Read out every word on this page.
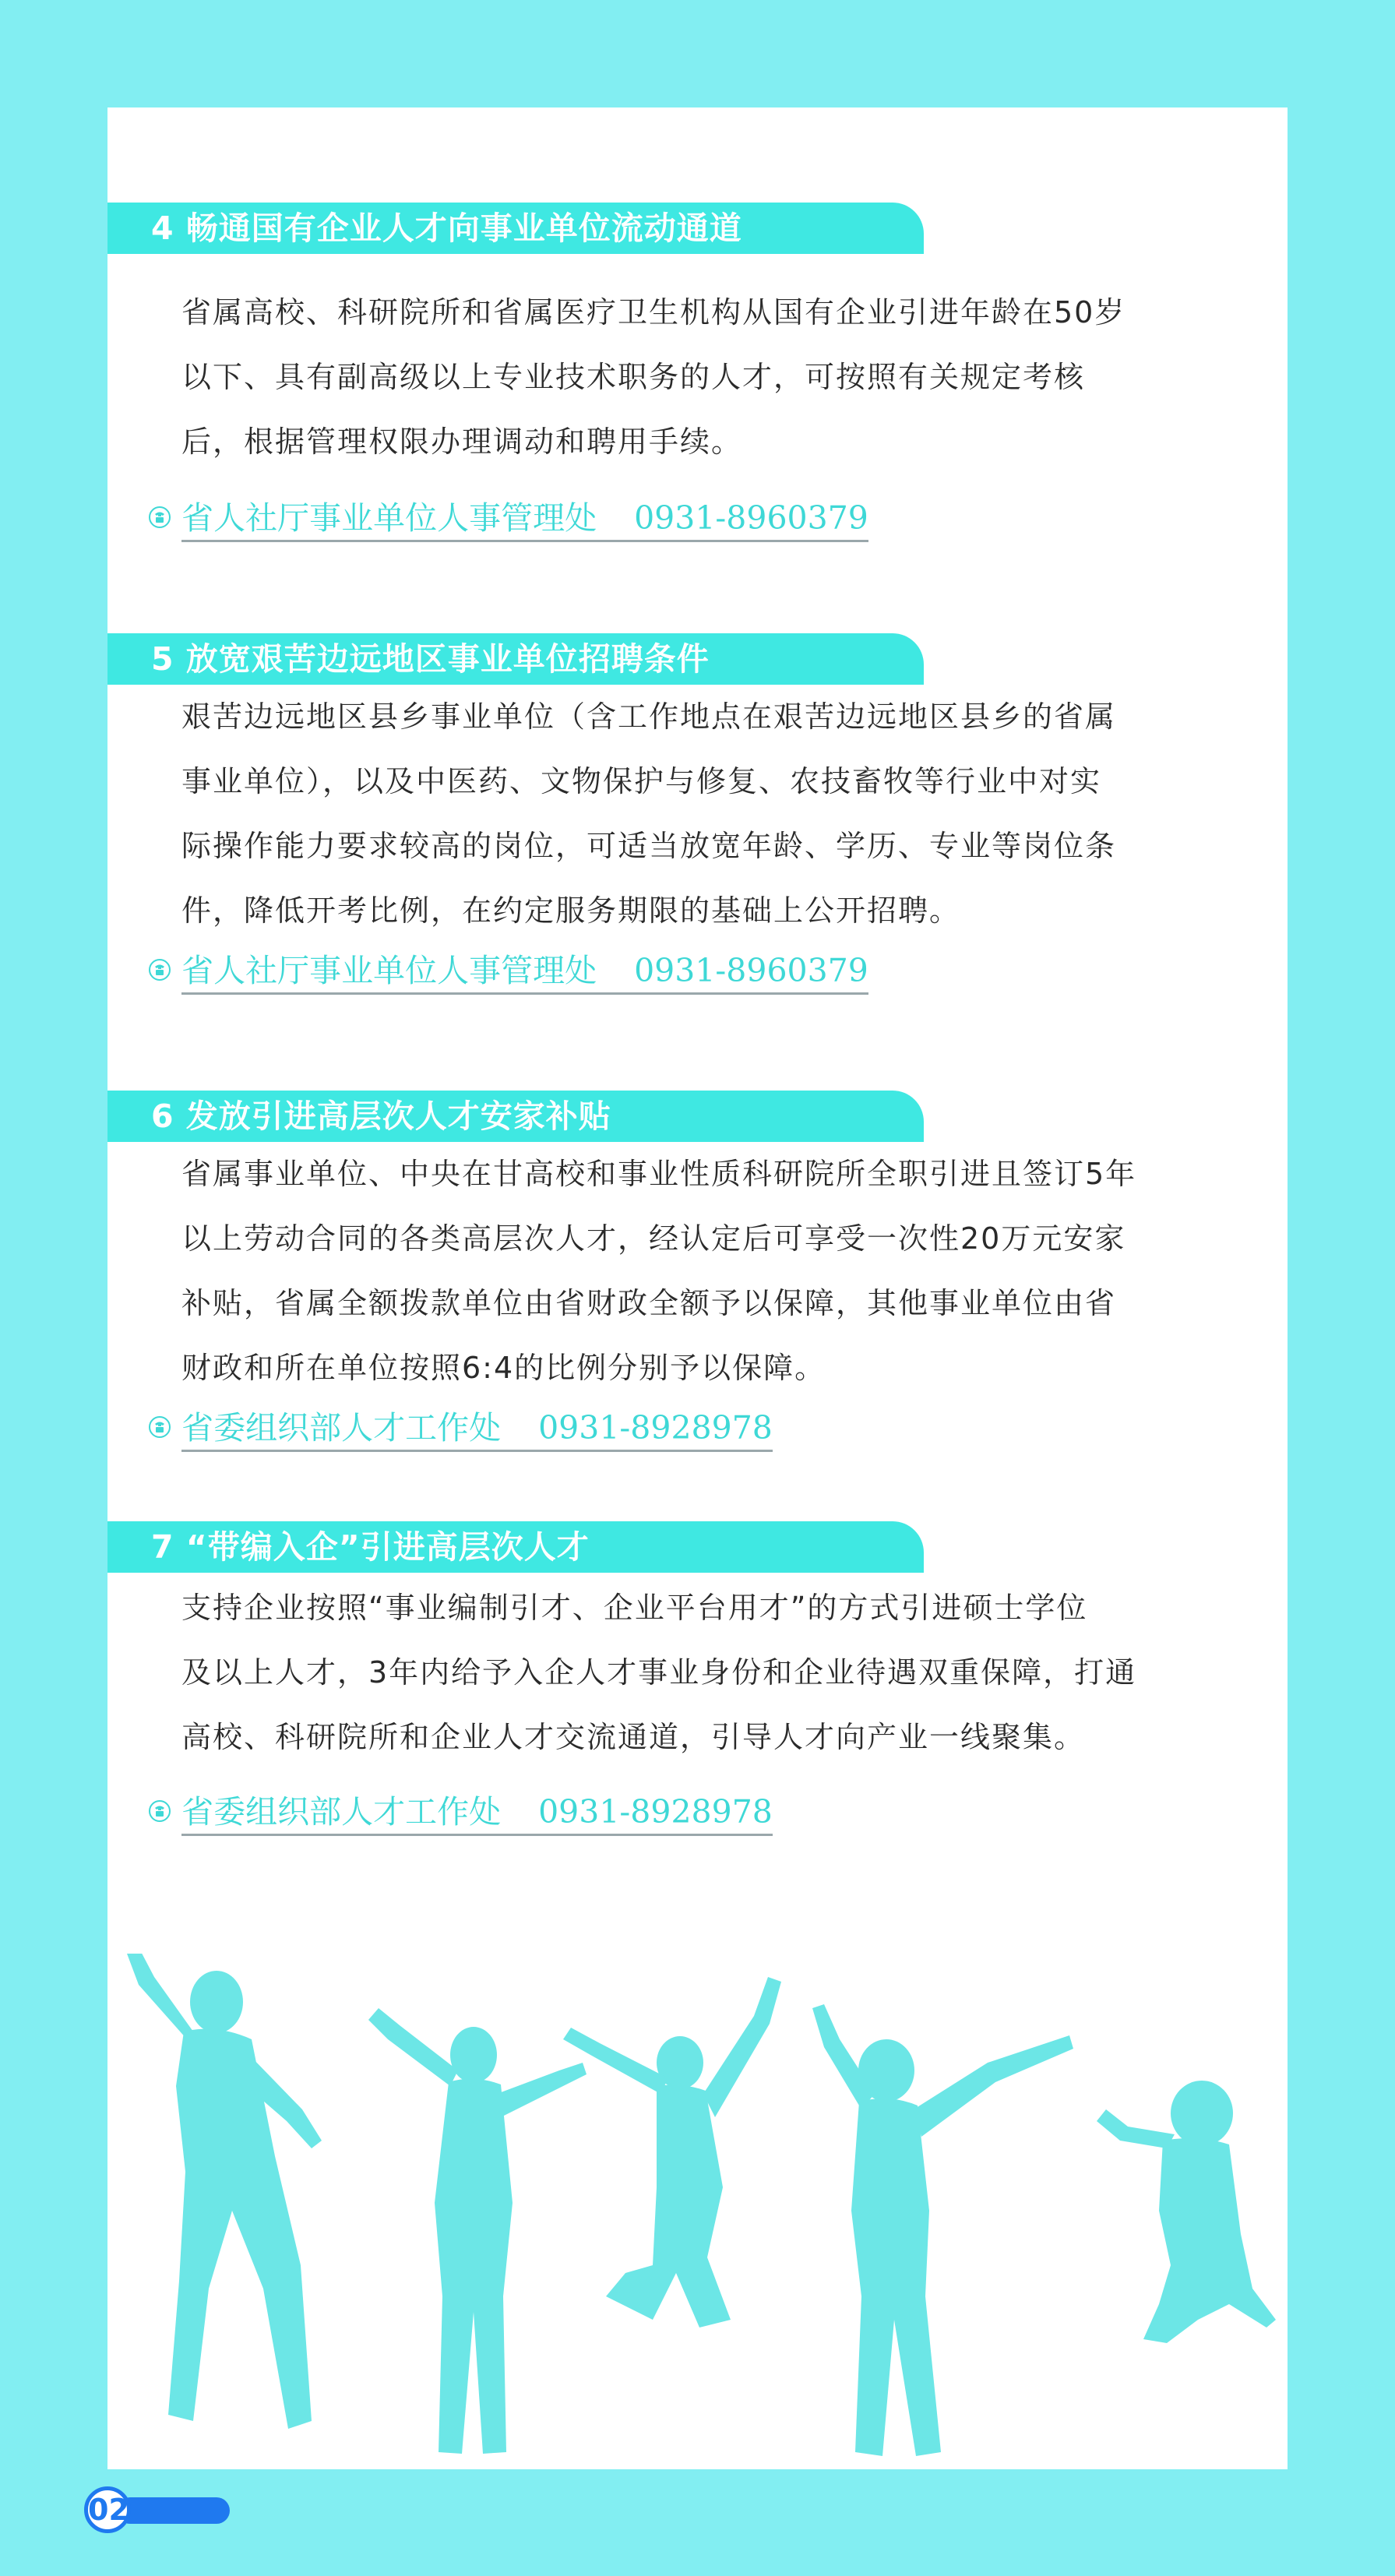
4 畅通国有企业人才向事业单位流动通道
省属高校、科研院所和省属医疗卫生机构从国有企业引进年龄在50岁
以下、具有副高级以上专业技术职务的人才，可按照有关规定考核
后，根据管理权限办理调动和聘用手续。
省人社厅事业单位人事管理处 0931-8960379
5 放宽艰苦边远地区事业单位招聘条件
艰苦边远地区县乡事业单位（含工作地点在艰苦边远地区县乡的省属
事业单位），以及中医药、文物保护与修复、农技畜牧等行业中对实
际操作能力要求较高的岗位，可适当放宽年龄、学历、专业等岗位条
件，降低开考比例，在约定服务期限的基础上公开招聘。
省人社厅事业单位人事管理处 0931-8960379
6 发放引进高层次人才安家补贴
省属事业单位、中央在甘高校和事业性质科研院所全职引进且签订5年
以上劳动合同的各类高层次人才，经认定后可享受一次性20万元安家
补贴，省属全额拨款单位由省财政全额予以保障，其他事业单位由省
财政和所在单位按照6:4的比例分别予以保障。
省委组织部人才工作处 0931-8928978
7 “带编入企”引进高层次人才
支持企业按照“事业编制引才、企业平台用才”的方式引进硕士学位
及以上人才，3年内给予入企人才事业身份和企业待遇双重保障，打通
高校、科研院所和企业人才交流通道，引导人才向产业一线聚集。
省委组织部人才工作处 0931-8928978
02
